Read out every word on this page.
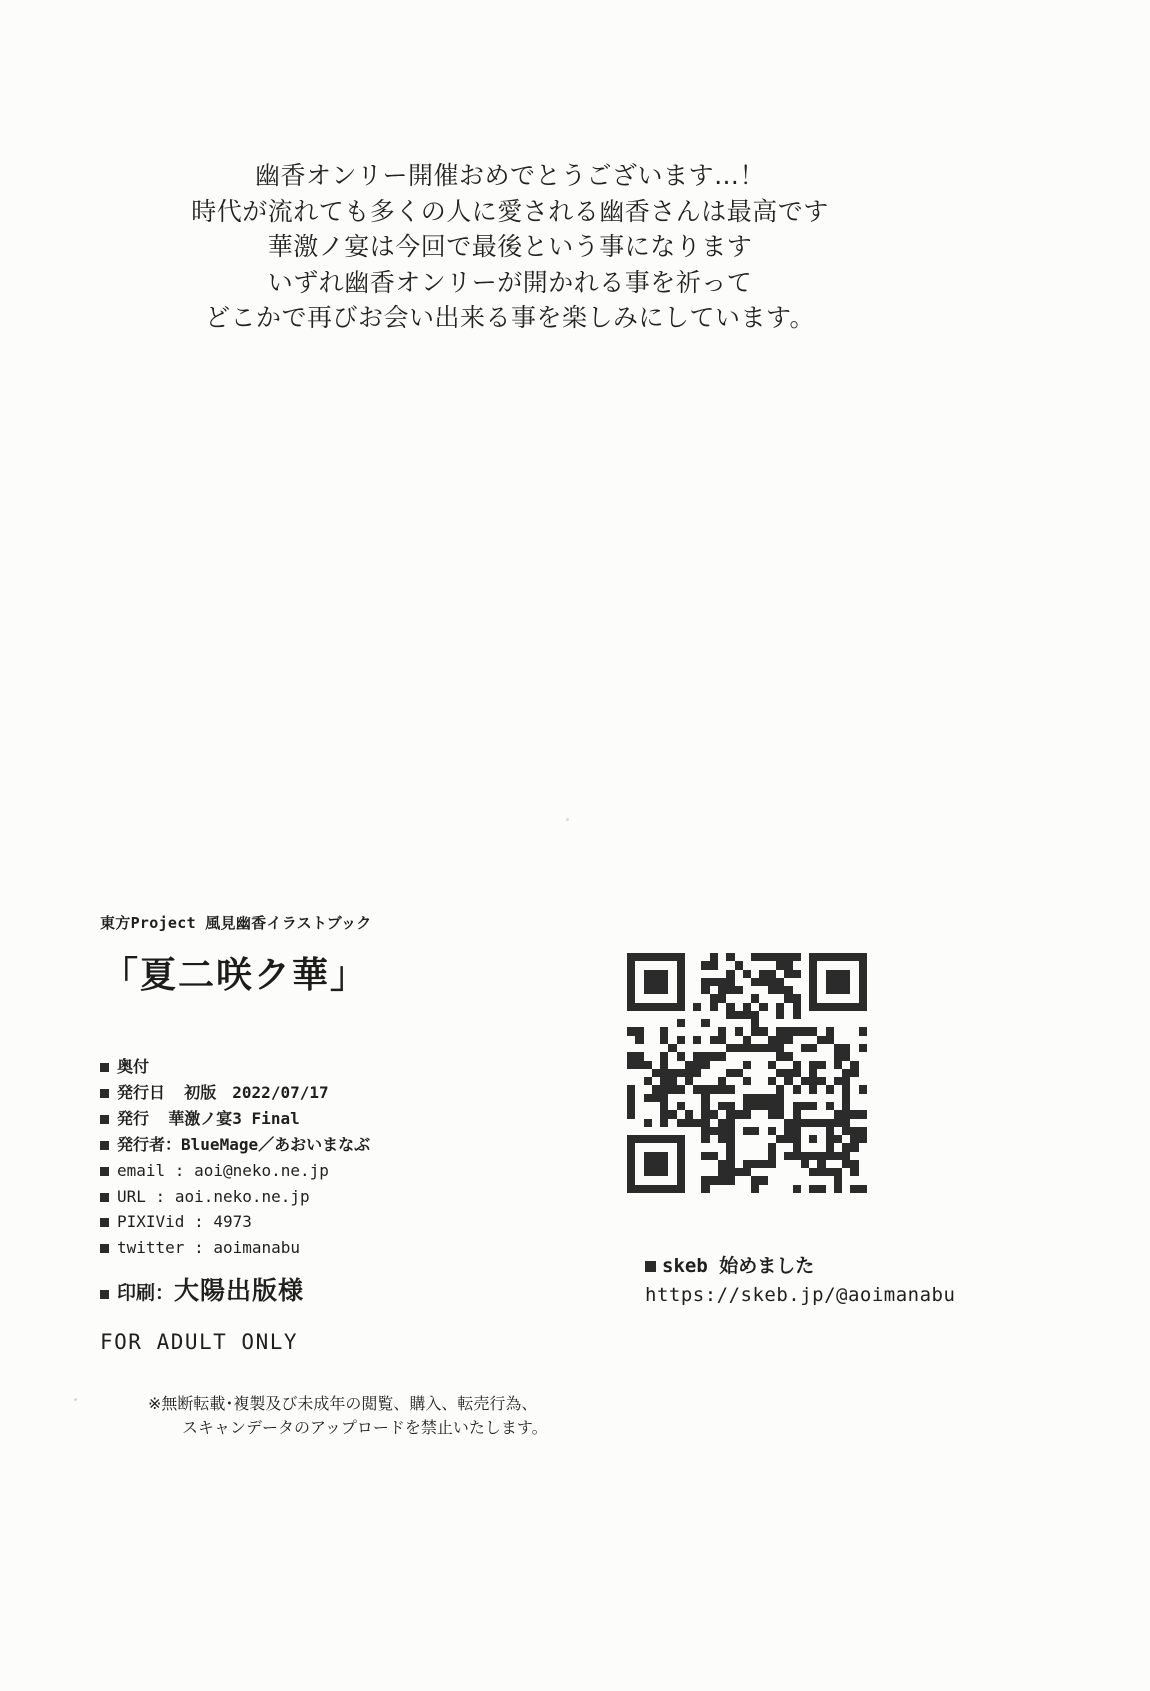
幽香オンリー開催おめでとうございます…！
時代が流れても多くの人に愛される幽香さんは最高です
華激ノ宴は今回で最後という事になります
いずれ幽香オンリーが開かれる事を祈って
どこかで再びお会い出来る事を楽しみにしています。
東方Project 風見幽香イラストブック
「夏二咲ク華」
奥付
発行日
初版　2022/07/17
発行
華激ノ宴3 Final
発行者 ： BlueMage／あおいまなぶ
email : aoi@neko.ne.jp
URL : aoi.neko.ne.jp
PIXIVid : 4973
twitter : aoimanabu
印刷： 大陽出版様
FOR ADULT ONLY
※無断転載･複製及び未成年の閲覧、購入、転売行為、
スキャンデータのアップロードを禁止いたします。
skeb 始めました
https://skeb.jp/@aoimanabu
